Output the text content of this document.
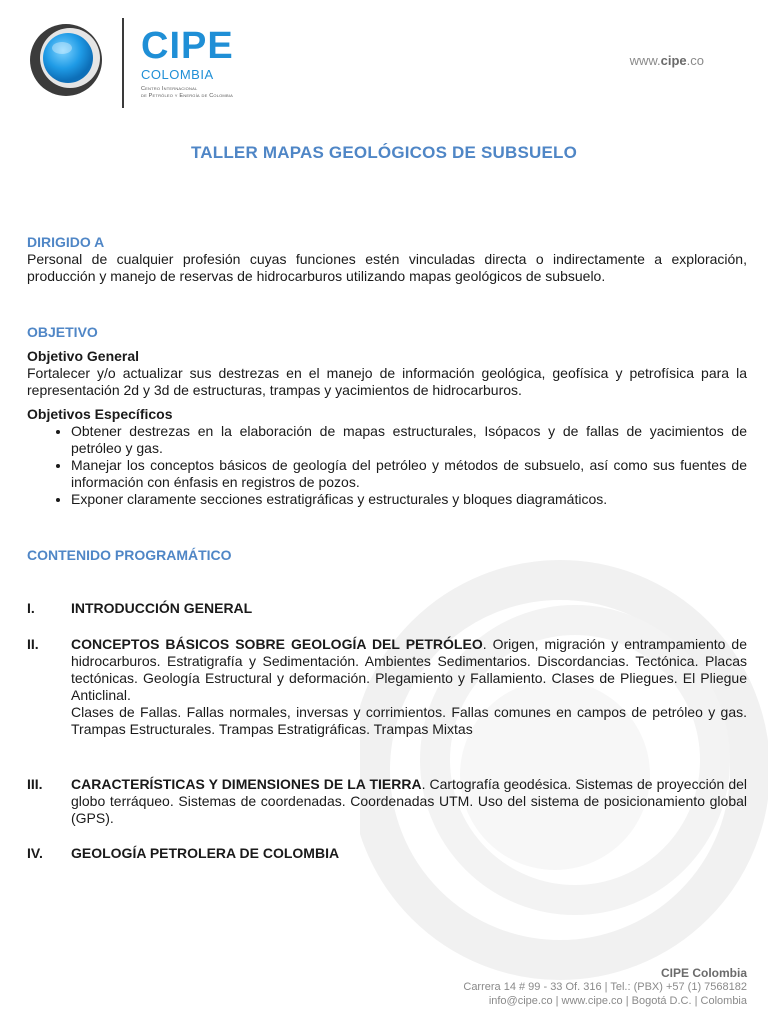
CIPE
COLOMBIA
Centro Internacional
de Petróleo y Energía de Colombia
www.cipe.co
TALLER MAPAS GEOLÓGICOS DE SUBSUELO
DIRIGIDO A
Personal de cualquier profesión cuyas funciones estén vinculadas directa o indirectamente a exploración, producción y manejo de reservas de hidrocarburos utilizando mapas geológicos de subsuelo.
OBJETIVO
Objetivo General
Fortalecer y/o actualizar sus destrezas en el manejo de información geológica, geofísica y petrofísica para la representación 2d y 3d de estructuras, trampas y yacimientos de hidrocarburos.
Objetivos Específicos
• Obtener destrezas en la elaboración de mapas estructurales, Isópacos y de fallas de yacimientos de petróleo y gas.
• Manejar los conceptos básicos de geología del petróleo y métodos de subsuelo, así como sus fuentes de información con énfasis en registros de pozos.
• Exponer claramente secciones estratigráficas y estructurales y bloques diagramáticos.
CONTENIDO PROGRAMÁTICO
I.	INTRODUCCIÓN GENERAL
II. CONCEPTOS BÁSICOS SOBRE GEOLOGÍA DEL PETRÓLEO. Origen, migración y entrampamiento de hidrocarburos. Estratigrafía y Sedimentación. Ambientes Sedimentarios. Discordancias. Tectónica. Placas tectónicas. Geología Estructural y deformación. Plegamiento y Fallamiento. Clases de Pliegues. El Pliegue Anticlinal.
Clases de Fallas. Fallas normales, inversas y corrimientos. Fallas comunes en campos de petróleo y gas. Trampas Estructurales. Trampas Estratigráficas. Trampas Mixtas
III. CARACTERÍSTICAS Y DIMENSIONES DE LA TIERRA. Cartografía geodésica. Sistemas de proyección del globo terráqueo. Sistemas de coordenadas. Coordenadas UTM. Uso del sistema de posicionamiento global (GPS).
IV. GEOLOGÍA PETROLERA DE COLOMBIA
CIPE Colombia
Carrera 14 # 99 - 33 Of. 316 | Tel.: (PBX) +57 (1) 7568182
info@cipe.co | www.cipe.co | Bogotá D.C. | Colombia
